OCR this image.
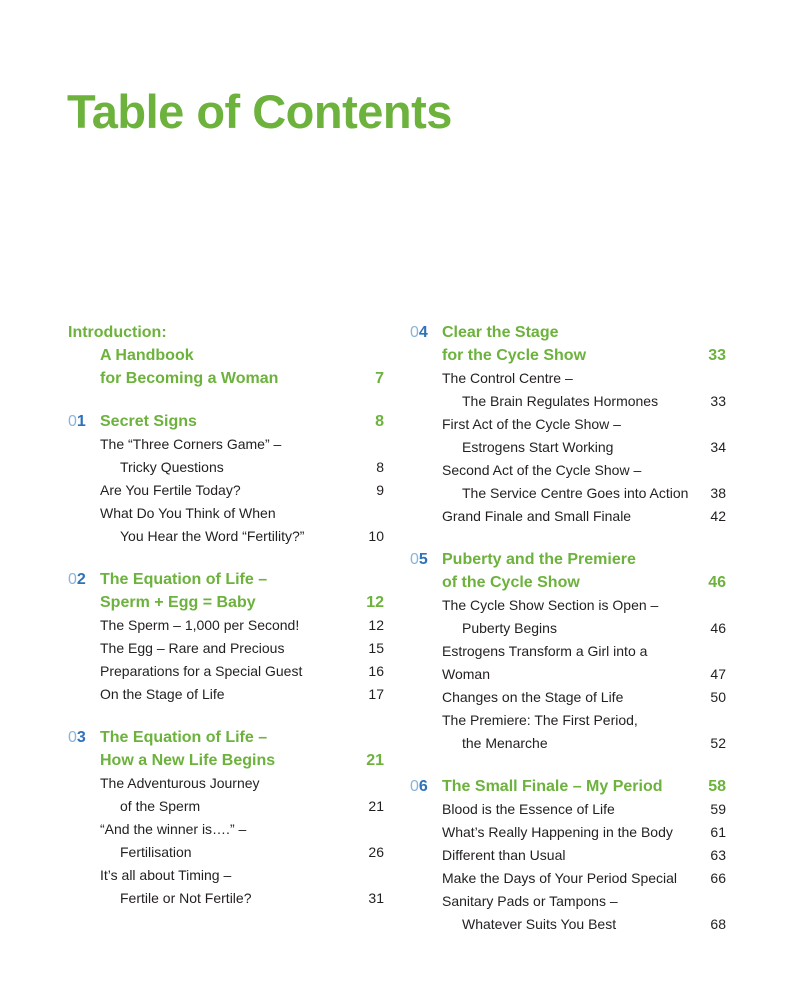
Table of Contents
Introduction:
A Handbook
for Becoming a Woman	7
01 Secret Signs	8
The “Three Corners Game” –
Tricky Questions	8
Are You Fertile Today?	9
What Do You Think of When
You Hear the Word “Fertility?”	10
02 The Equation of Life –
Sperm + Egg = Baby	12
The Sperm – 1,000 per Second!	12
The Egg – Rare and Precious	15
Preparations for a Special Guest	16
On the Stage of Life	17
03 The Equation of Life –
How a New Life Begins	21
The Adventurous Journey
of the Sperm	21
“And the winner is….” –
Fertilisation	26
It’s all about Timing –
Fertile or Not Fertile?	31
04 Clear the Stage
for the Cycle Show	33
The Control Centre –
The Brain Regulates Hormones	33
First Act of the Cycle Show –
Estrogens Start Working	34
Second Act of the Cycle Show –
The Service Centre Goes into Action 38
Grand Finale and Small Finale	42
05 Puberty and the Premiere
of the Cycle Show	46
The Cycle Show Section is Open –
Puberty Begins	46
Estrogens Transform a Girl into a Woman	47
Changes on the Stage of Life	50
The Premiere: The First Period,
the Menarche	52
06 The Small Finale – My Period	58
Blood is the Essence of Life	59
What’s Really Happening in the Body	61
Different than Usual	63
Make the Days of Your Period Special	66
Sanitary Pads or Tampons –
Whatever Suits You Best	68
